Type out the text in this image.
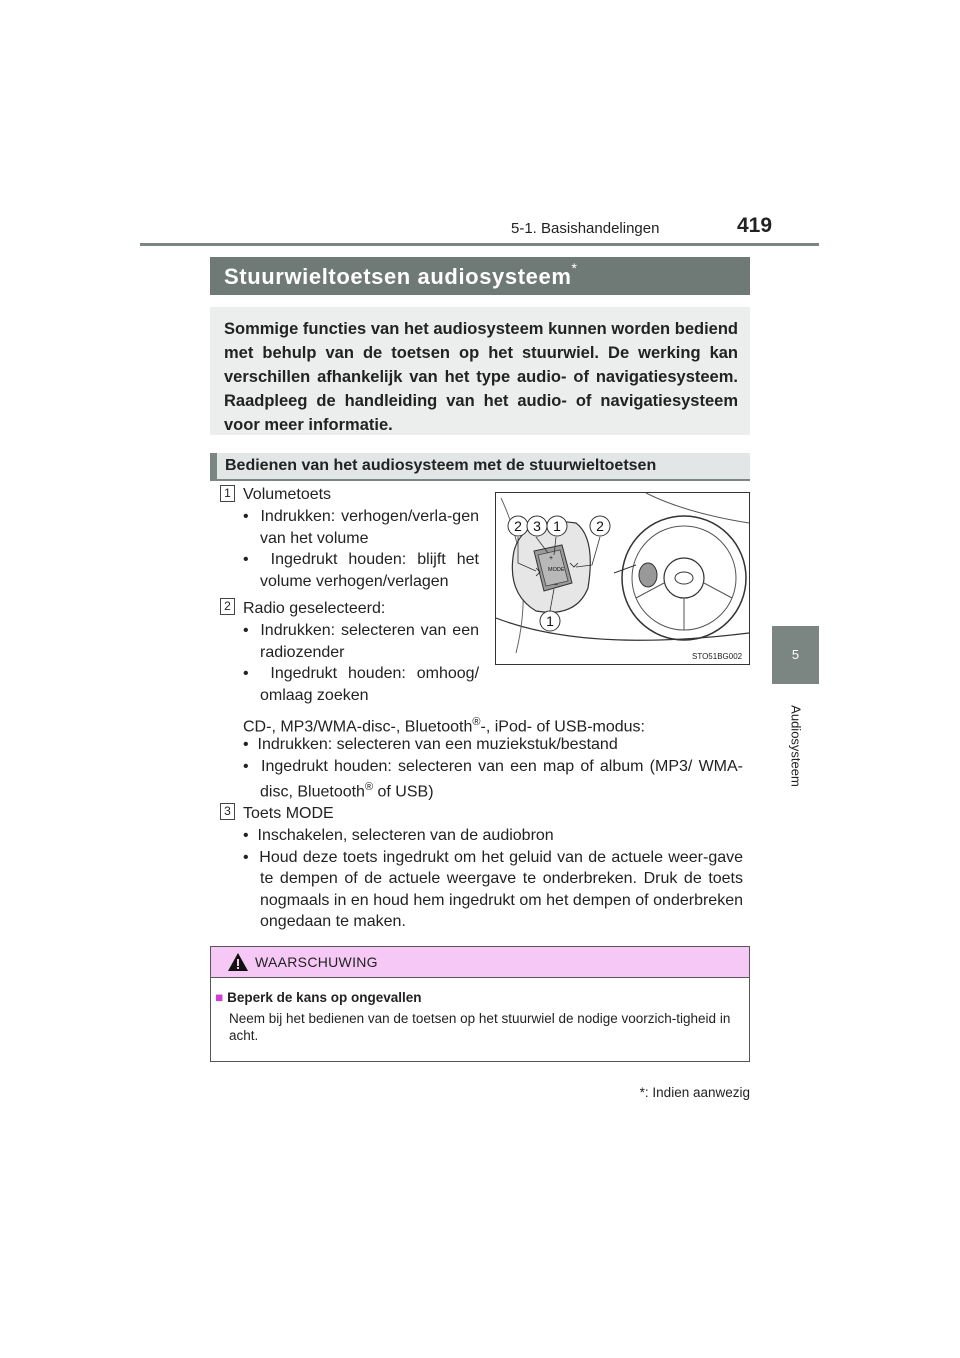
5-1. Basishandelingen	419
5
Audiosysteem
Stuurwieltoetsen audiosysteem*
Sommige functies van het audiosysteem kunnen worden bediend met behulp van de toetsen op het stuurwiel. De werking kan verschillen afhankelijk van het type audio- of navigatiesysteem. Raadpleeg de handleiding van het audio- of navigatiesysteem voor meer informatie.
Bedienen van het audiosysteem met de stuurwieltoetsen
1 Volumetoets
• Indrukken: verhogen/verla-gen van het volume
• Ingedrukt houden: blijft het volume verhogen/verlagen
2 Radio geselecteerd:
• Indrukken: selecteren van een radiozender
• Ingedrukt houden: omhoog/ omlaag zoeken
CD-, MP3/WMA-disc-, Bluetooth®-, iPod- of USB-modus:
• Indrukken: selecteren van een muziekstuk/bestand
• Ingedrukt houden: selecteren van een map of album (MP3/ WMA-disc, Bluetooth® of USB)
3 Toets MODE
• Inschakelen, selecteren van de audiobron
• Houd deze toets ingedrukt om het geluid van de actuele weer-gave te dempen of de actuele weergave te onderbreken. Druk de toets nogmaals in en houd hem ingedrukt om het dempen of onderbreken ongedaan te maken.
MODE
+
−
2 3 1	2
1
STO51BG002
WAARSCHUWING
■ Beperk de kans op ongevallen
Neem bij het bedienen van de toetsen op het stuurwiel de nodige voorzich-tigheid in acht.
*: Indien aanwezig
